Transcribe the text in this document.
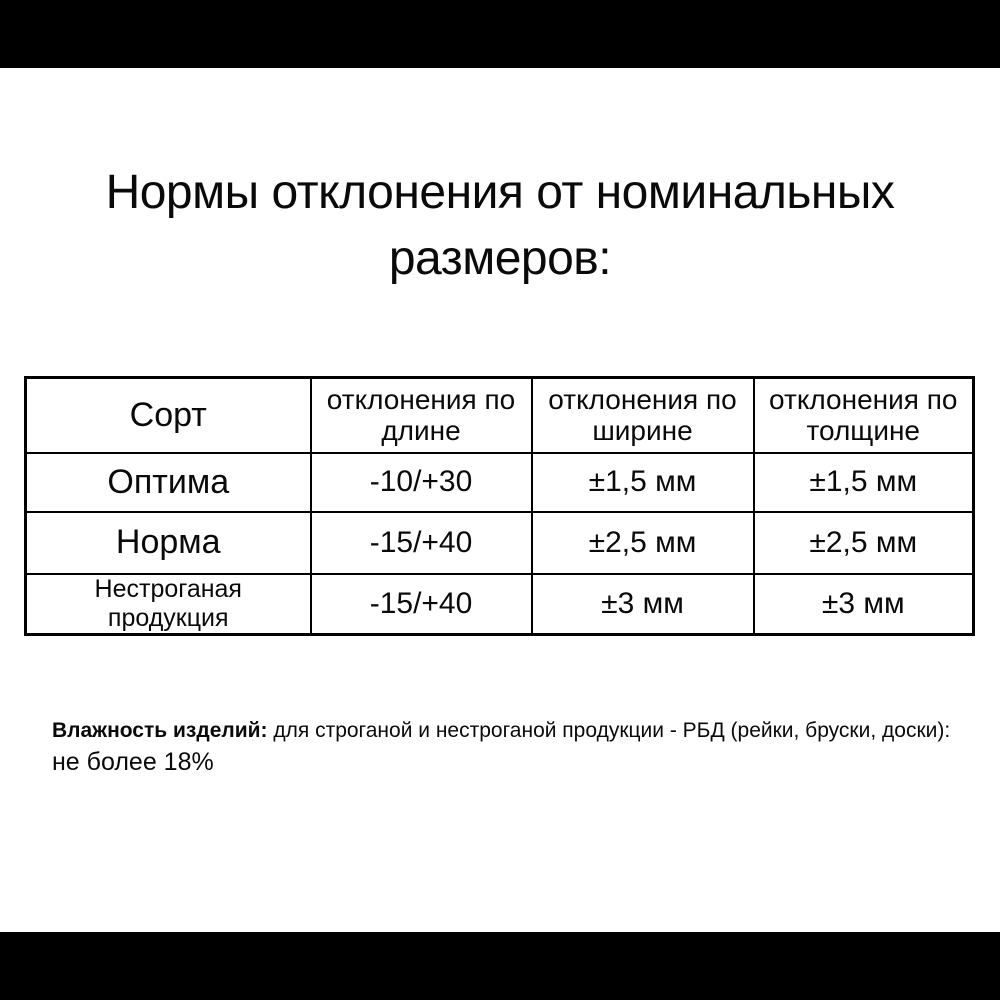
Нормы отклонения от номинальных размеров:
Сорт	отклонения по длине	отклонения по ширине	отклонения по толщине
Оптима	-10/+30	±1,5 мм	±1,5 мм
Норма	-15/+40	±2,5 мм	±2,5 мм
Нестроганая продукция	-15/+40	±3 мм	±3 мм
Влажность изделий: для строганой и нестроганой продукции - РБД (рейки, бруски, доски):
не более 18%
